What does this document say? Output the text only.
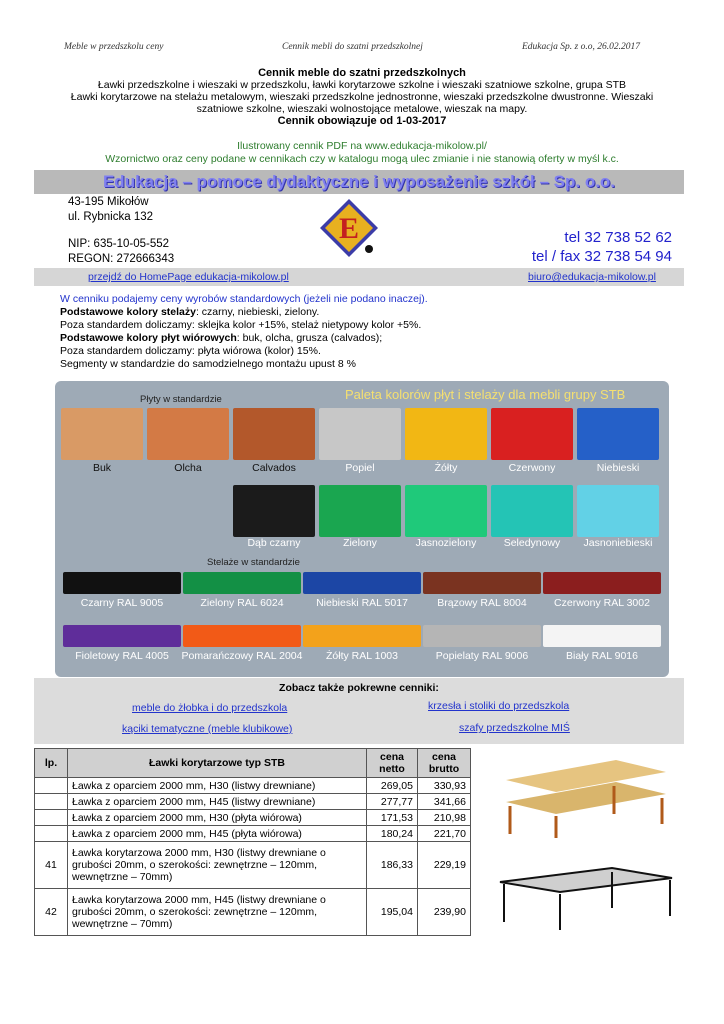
Meble w przedszkolu ceny	Cennik mebli do szatni przedszkolnej	Edukacja Sp. z o.o, 26.02.2017
Cennik meble do szatni przedszkolnych
Ławki przedszkolne i wieszaki w przedszkolu, ławki korytarzowe szkolne i wieszaki szatniowe szkolne, grupa STB
Ławki korytarzowe na stelażu metalowym, wieszaki przedszkolne jednostronne, wieszaki przedszkolne dwustronne. Wieszaki
szatniowe szkolne, wieszaki wolnostojące metalowe, wieszak na mapy.
Cennik obowiązuje od 1-03-2017
Ilustrowany cennik PDF na www.edukacja-mikolow.pl/
Wzornictwo oraz ceny podane w cennikach czy w katalogu mogą ulec zmianie i nie stanowią oferty w myśl k.c.
Edukacja – pomoce dydaktyczne i wyposażenie szkół – Sp. o.o.
43-195 Mikołów
ul. Rybnicka 132
NIP: 635-10-05-552
REGON: 272666343
E	tel 32 738 52 62
tel / fax 32 738 54 94
przejdź do HomePage edukacja-mikolow.pl	biuro@edukacja-mikolow.pl
W cenniku podajemy ceny wyrobów standardowych (jeżeli nie podano inaczej).
Podstawowe kolory stelaży: czarny, niebieski, zielony.
Poza standardem doliczamy: sklejka kolor +15%, stelaż nietypowy kolor +5%.
Podstawowe kolory płyt wiórowych: buk, olcha, grusza (calvados);
Poza standardem doliczamy: płyta wiórowa (kolor) 15%.
Segmenty w standardzie do samodzielnego montażu upust 8 %
Paleta kolorów płyt i stelaży dla mebli grupy STB
Płyty w standardzie
Stelaże w standardzie
Buk	Olcha	Calvados	Popiel	Żółty	Czerwony	Niebieski
Dąb czarny	Zielony	Jasnozielony	Seledynowy	Jasnoniebieski
Czarny RAL 9005	Zielony RAL 6024	Niebieski RAL 5017	Brązowy RAL 8004	Czerwony RAL 3002
Fioletowy RAL 4005	Pomarańczowy RAL 2004	Żółty RAL 1003	Popielaty RAL 9006	Biały RAL 9016
Zobacz także pokrewne cenniki:
meble do żłobka i do przedszkola	krzesła i stoliki do przedszkola
kąciki tematyczne (meble klubikowe)	szafy przedszkolne MIŚ
lp.	Ławki korytarzowe typ STB	cena netto	cena brutto
	Ławka z oparciem 2000 mm, H30 (listwy drewniane)	269,05	330,93
	Ławka z oparciem 2000 mm, H45 (listwy drewniane)	277,77	341,66
	Ławka z oparciem 2000 mm, H30 (płyta wiórowa)	171,53	210,98
	Ławka z oparciem 2000 mm, H45 (płyta wiórowa)	180,24	221,70
41	Ławka korytarzowa 2000 mm, H30 (listwy drewniane o grubości 20mm, o szerokości: zewnętrzne – 120mm, wewnętrzne – 70mm)	186,33	229,19
42	Ławka korytarzowa 2000 mm, H45 (listwy drewniane o grubości 20mm, o szerokości: zewnętrzne – 120mm, wewnętrzne – 70mm)	195,04	239,90
